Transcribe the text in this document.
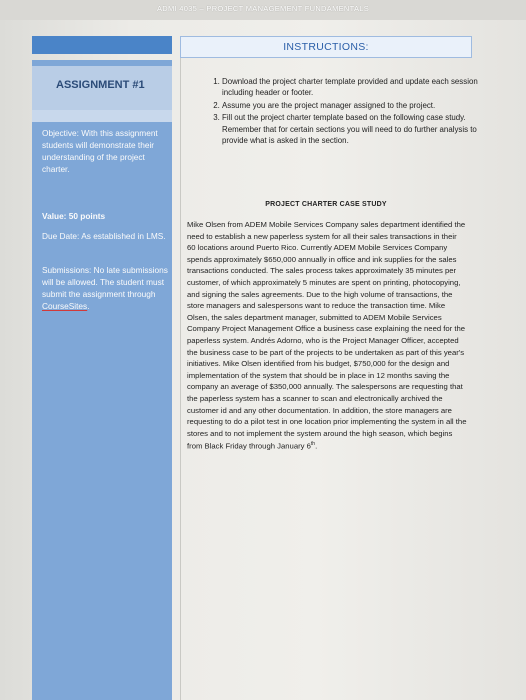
ADMI 4035 – PROJECT MANAGEMENT FUNDAMENTALS
ASSIGNMENT #1
Objective: With this assignment students will demonstrate their understanding of the project charter.
Value: 50 points
Due Date: As established in LMS.
Submissions: No late submissions will be allowed. The student must submit the assignment through CourseSites.
INSTRUCTIONS:
1. Download the project charter template provided and update each session including header or footer.
2. Assume you are the project manager assigned to the project.
3. Fill out the project charter template based on the following case study. Remember that for certain sections you will need to do further analysis to provide what is asked in the section.
PROJECT CHARTER CASE STUDY

Mike Olsen from ADEM Mobile Services Company sales department identified the need to establish a new paperless system for all their sales transactions in their 60 locations around Puerto Rico. Currently ADEM Mobile Services Company spends approximately $650,000 annually in office and ink supplies for the sales transactions conducted. The sales process takes approximately 35 minutes per customer, of which approximately 5 minutes are spent on printing, photocopying, and signing the sales agreements. Due to the high volume of transactions, the store managers and salespersons want to reduce the transaction time. Mike Olsen, the sales department manager, submitted to ADEM Mobile Services Company Project Management Office a business case explaining the need for the paperless system. Andrés Adorno, who is the Project Manager Officer, accepted the business case to be part of the projects to be undertaken as part of this year's initiatives. Mike Olsen identified from his budget, $750,000 for the design and implementation of the system that should be in place in 12 months saving the company an average of $350,000 annually. The salespersons are requesting that the paperless system has a scanner to scan and electronically archived the customer id and any other documentation. In addition, the store managers are requesting to do a pilot test in one location prior implementing the system in all the stores and to not implement the system around the high season, which begins from Black Friday through January 6th.
